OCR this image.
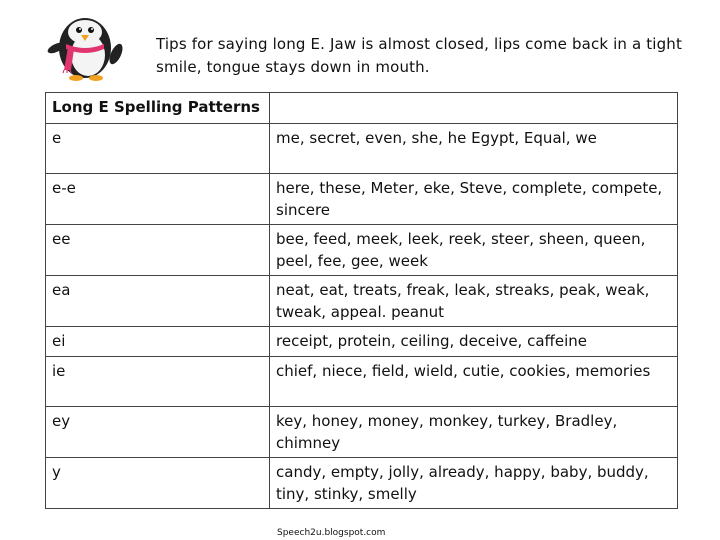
Tips for saying long E. Jaw is almost closed, lips come back in a tight smile, tongue stays down in mouth.
Long E Spelling Patterns	
e	me, secret, even, she, he Egypt, Equal, we
e-e	here, these, Meter, eke, Steve, complete, compete, sincere
ee	bee, feed, meek, leek, reek, steer, sheen, queen, peel, fee, gee, week
ea	neat, eat, treats, freak, leak, streaks, peak, weak, tweak, appeal. peanut
ei	receipt, protein, ceiling, deceive, caffeine
ie	chief, niece, field, wield, cutie, cookies, memories
ey	key, honey, money, monkey, turkey, Bradley, chimney
y	candy, empty, jolly, already, happy, baby, buddy, tiny, stinky, smelly
Speech2u.blogspot.com
